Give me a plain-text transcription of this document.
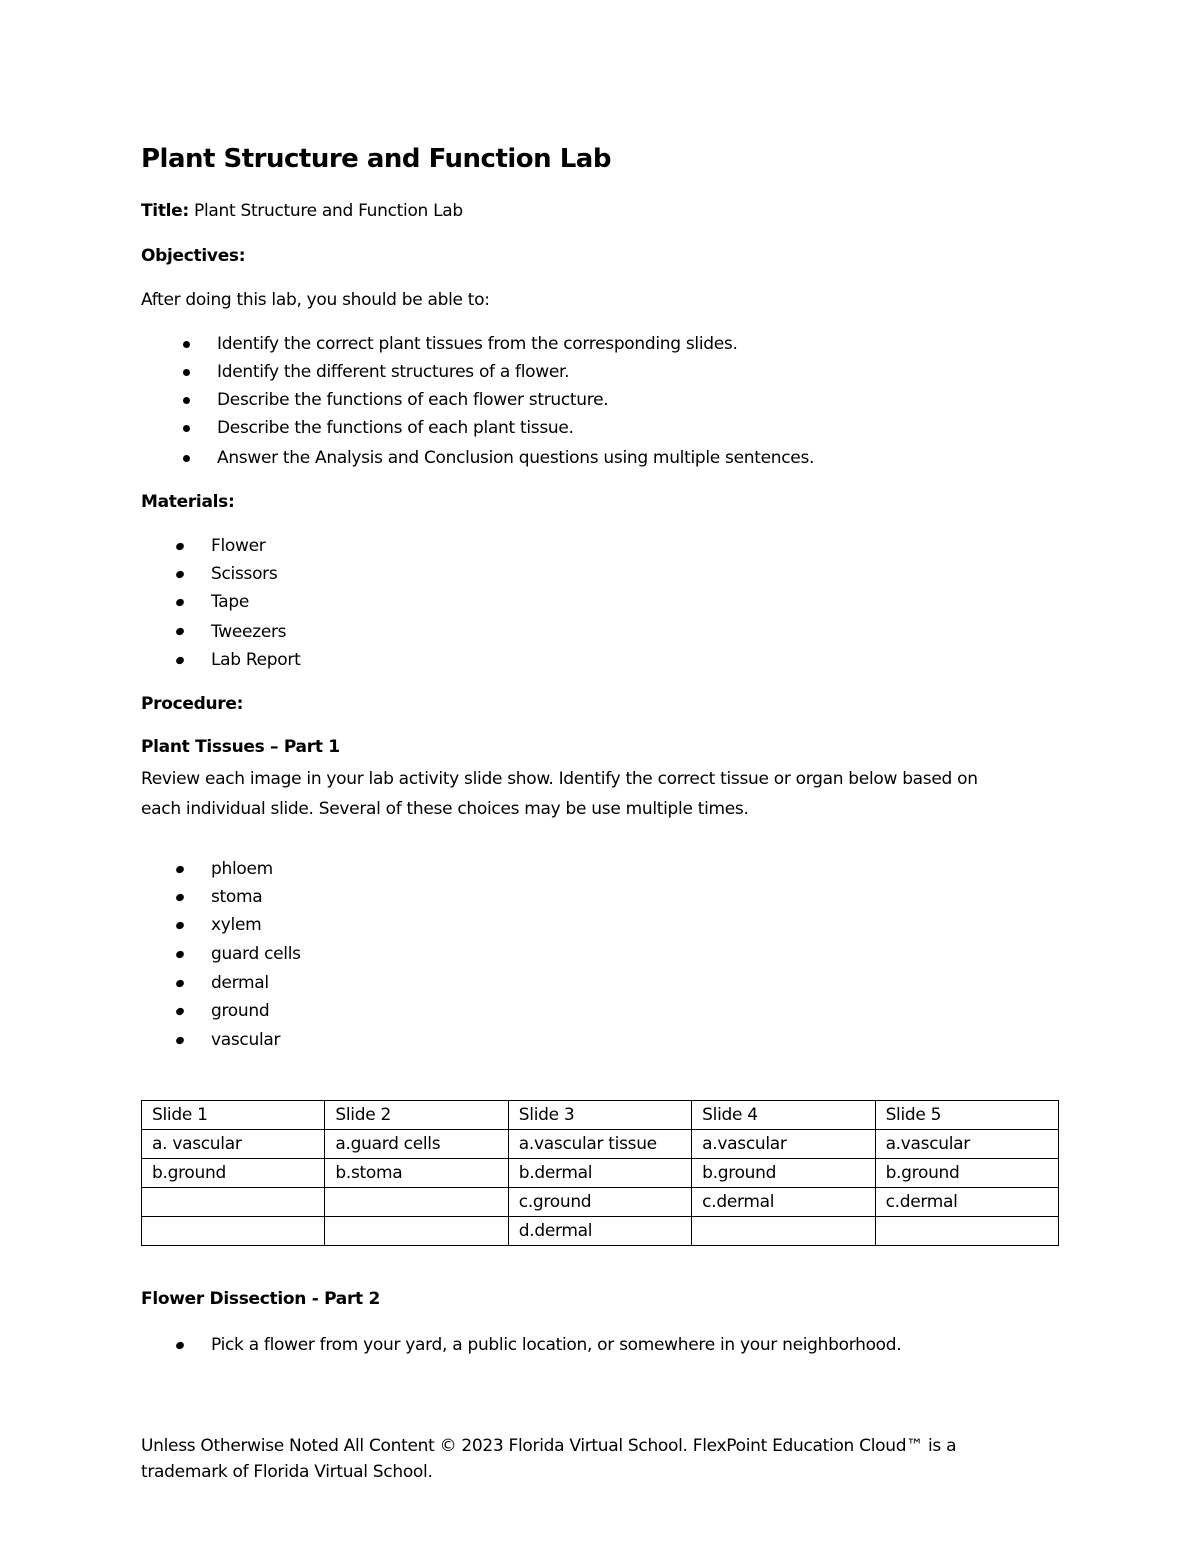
Plant Structure and Function Lab
Title: Plant Structure and Function Lab
Objectives:
After doing this lab, you should be able to:
Identify the correct plant tissues from the corresponding slides.
Identify the different structures of a flower.
Describe the functions of each flower structure.
Describe the functions of each plant tissue.
Answer the Analysis and Conclusion questions using multiple sentences.
Materials:
Flower
Scissors
Tape
Tweezers
Lab Report
Procedure:
Plant Tissues – Part 1
Review each image in your lab activity slide show. Identify the correct tissue or organ below based on
each individual slide. Several of these choices may be use multiple times.
phloem
stoma
xylem
guard cells
dermal
ground
vascular
Slide 1	Slide 2	Slide 3	Slide 4	Slide 5
a. vascular	a.guard cells	a.vascular tissue	a.vascular	a.vascular
b.ground	b.stoma	b.dermal	b.ground	b.ground
		c.ground	c.dermal	c.dermal
		d.dermal		
Flower Dissection - Part 2
Pick a flower from your yard, a public location, or somewhere in your neighborhood.
Unless Otherwise Noted All Content © 2023 Florida Virtual School. FlexPoint Education Cloud™ is a trademark of Florida Virtual School.
